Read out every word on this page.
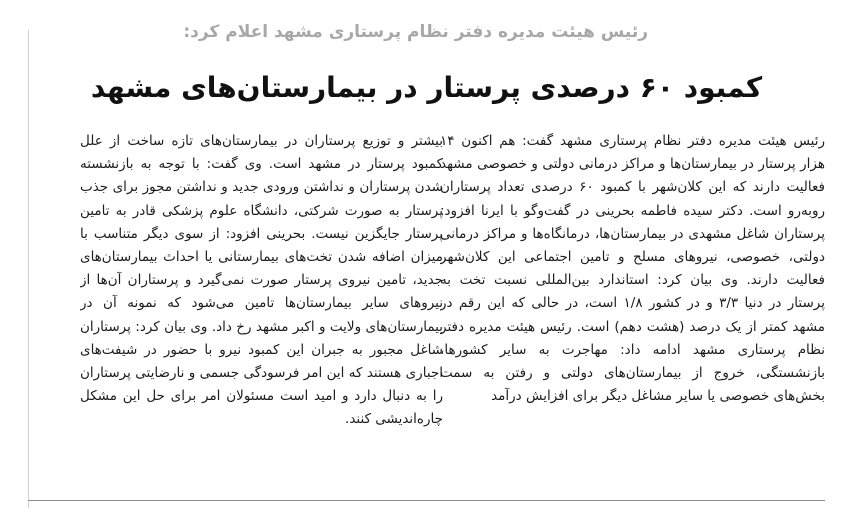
رئیس هیئت مدیره دفتر نظام پرستاری مشهد اعلام کرد:
کمبود ۶۰ درصدی پرستار در بیمارستان‌های مشهد
رئیس هیئت مدیره دفتر نظام پرستاری مشهد گفت: هم اکنون ۱۴ هزار پرستار در بیمارستان‌ها و مراکز درمانی دولتی و خصوصی مشهد فعالیت دارند که این کلان‌شهر با کمبود ۶۰ درصدی تعداد پرستاران روبه‌رو است. دکتر سیده فاطمه بحرینی در گفت‌و‌گو با ایرنا افزود: پرستاران شاغل مشهدی در بیمارستان‌ها، درمانگاه‌ها و مراکز درمانی دولتی، خصوصی، نیروهای مسلح و تامین اجتماعی این کلان‌شهر فعالیت دارند. وی بیان کرد: استاندارد بین‌المللی نسبت تخت به پرستار در دنیا ۳/۳ و در کشور ۱/۸ است، در حالی که این رقم در مشهد کمتر از یک درصد (هشت دهم) است. رئیس هیئت مدیره دفتر نظام پرستاری مشهد ادامه داد: مهاجرت به سایر کشورها، بازنشستگی، خروج از بیمارستان‌های دولتی و رفتن به سمت بخش‌های خصوصی یا سایر مشاغل دیگر برای افزایش درآمد
بیشتر و توزیع پرستاران در بیمارستان‌های تازه ساخت از علل کمبود پرستار در مشهد است. وی گفت: با توجه به بازنشسته شدن پرستاران و نداشتن ورودی جدید و نداشتن مجوز برای جذب پرستار به صورت شرکتی، دانشگاه علوم پزشکی قادر به تامین پرستار جایگزین نیست. بحرینی افزود: از سوی دیگر متناسب با میزان اضافه شدن تخت‌های بیمارستانی یا احداث بیمارستان‌های جدید، تامین نیروی پرستار صورت نمی‌گیرد و پرستاران آن‌ها از نیروهای سایر بیمارستان‌ها تامین می‌شود که نمونه آن در بیمارستان‌های ولایت و اکبر مشهد رخ داد. وی بیان کرد: پرستاران شاغل مجبور به جبران این کمبود نیرو با حضور در شیفت‌های اجباری هستند که این امر فرسودگی جسمی و نارضایتی پرستاران را به دنبال دارد و امید است مسئولان امر برای حل این مشکل چاره‌اندیشی کنند.
